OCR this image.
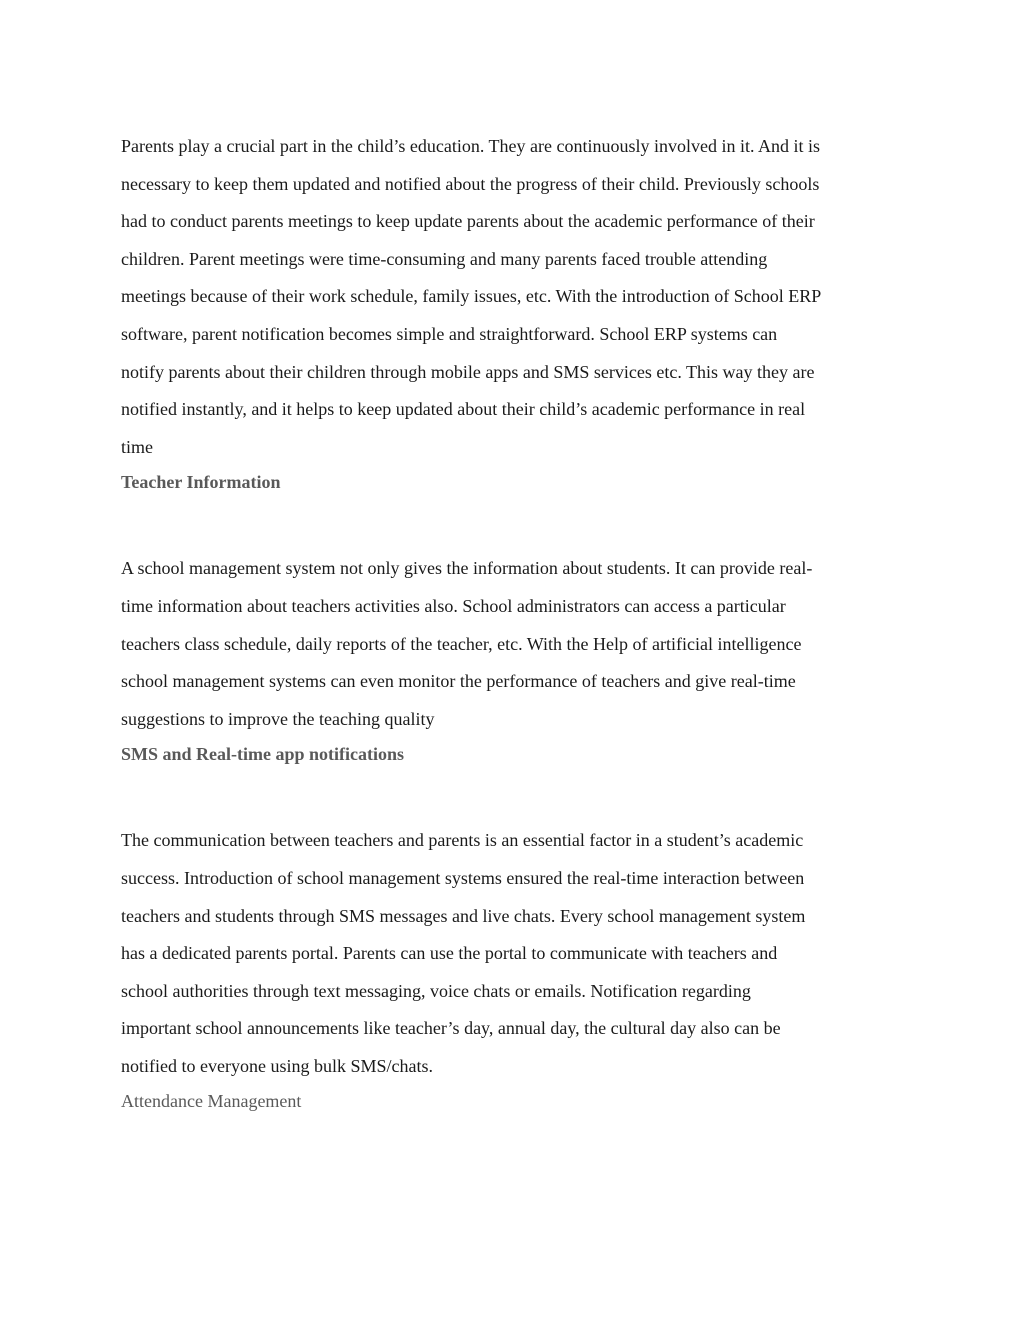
Parents play a crucial part in the child’s education. They are continuously involved in it. And it is
necessary to keep them updated and notified about the progress of their child. Previously schools
had to conduct parents meetings to keep update parents about the academic performance of their
children. Parent meetings were time-consuming and many parents faced trouble attending
meetings because of their work schedule, family issues, etc. With the introduction of School ERP
software, parent notification becomes simple and straightforward. School ERP systems can
notify parents about their children through mobile apps and SMS services etc. This way they are
notified instantly, and it helps to keep updated about their child’s academic performance in real
time

Teacher Information

A school management system not only gives the information about students. It can provide real-
time information about teachers activities also. School administrators can access a particular
teachers class schedule, daily reports of the teacher, etc. With the Help of artificial intelligence
school management systems can even monitor the performance of teachers and give real-time
suggestions to improve the teaching quality

SMS and Real-time app notifications

The communication between teachers and parents is an essential factor in a student’s academic
success. Introduction of school management systems ensured the real-time interaction between
teachers and students through SMS messages and live chats. Every school management system
has a dedicated parents portal. Parents can use the portal to communicate with teachers and
school authorities through text messaging, voice chats or emails. Notification regarding
important school announcements like teacher’s day, annual day, the cultural day also can be
notified to everyone using bulk SMS/chats.

Attendance Management
